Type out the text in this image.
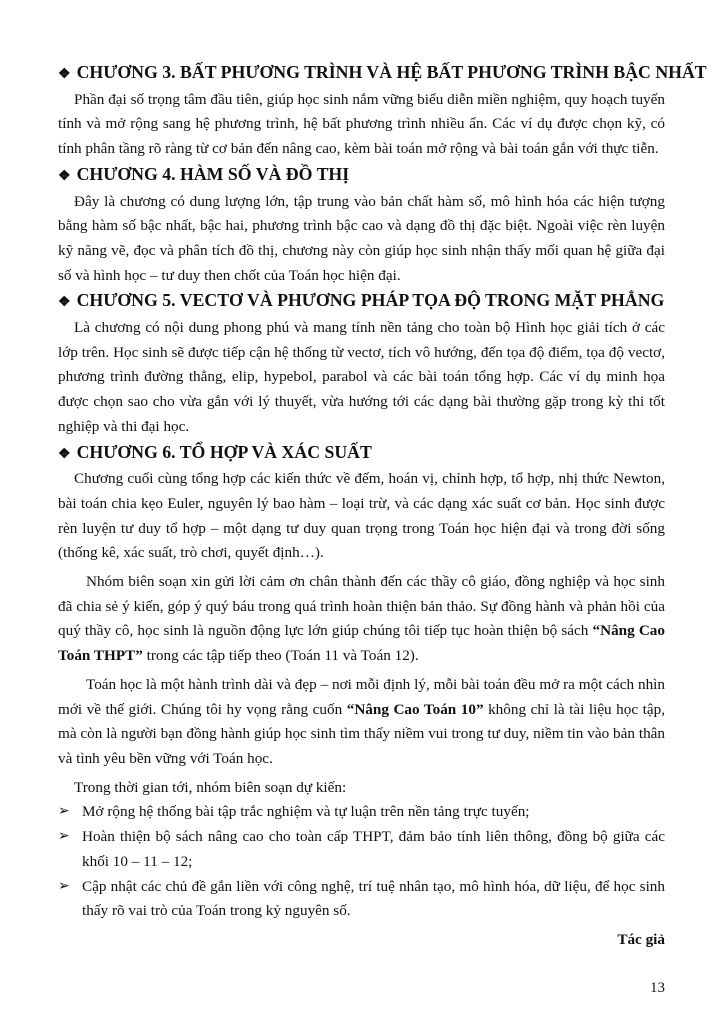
❖ CHƯƠNG 3. BẤT PHƯƠNG TRÌNH VÀ HỆ BẤT PHƯƠNG TRÌNH BẬC NHẤT

Phần đại số trọng tâm đầu tiên, giúp học sinh nắm vững biểu diễn miền nghiệm, quy hoạch tuyến tính và mở rộng sang hệ phương trình, hệ bất phương trình nhiều ẩn. Các ví dụ được chọn kỹ, có tính phân tầng rõ ràng từ cơ bản đến nâng cao, kèm bài toán mở rộng và bài toán gắn với thực tiễn.

❖ CHƯƠNG 4. HÀM SỐ VÀ ĐỒ THỊ

Đây là chương có dung lượng lớn, tập trung vào bản chất hàm số, mô hình hóa các hiện tượng bằng hàm số bậc nhất, bậc hai, phương trình bậc cao và dạng đồ thị đặc biệt. Ngoài việc rèn luyện kỹ năng vẽ, đọc và phân tích đồ thị, chương này còn giúp học sinh nhận thấy mối quan hệ giữa đại số và hình học – tư duy then chốt của Toán học hiện đại.

❖ CHƯƠNG 5. VECTƠ VÀ PHƯƠNG PHÁP TỌA ĐỘ TRONG MẶT PHẲNG

Là chương có nội dung phong phú và mang tính nền tảng cho toàn bộ Hình học giải tích ở các lớp trên. Học sinh sẽ được tiếp cận hệ thống từ vectơ, tích vô hướng, đến tọa độ điểm, tọa độ vectơ, phương trình đường thẳng, elip, hypebol, parabol và các bài toán tổng hợp. Các ví dụ minh họa được chọn sao cho vừa gắn với lý thuyết, vừa hướng tới các dạng bài thường gặp trong kỳ thi tốt nghiệp và thi đại học.

❖ CHƯƠNG 6. TỔ HỢP VÀ XÁC SUẤT

Chương cuối cùng tổng hợp các kiến thức về đếm, hoán vị, chỉnh hợp, tổ hợp, nhị thức Newton, bài toán chia kẹo Euler, nguyên lý bao hàm – loại trừ, và các dạng xác suất cơ bản. Học sinh được rèn luyện tư duy tổ hợp – một dạng tư duy quan trọng trong Toán học hiện đại và trong đời sống (thống kê, xác suất, trò chơi, quyết định…).

Nhóm biên soạn xin gửi lời cảm ơn chân thành đến các thầy cô giáo, đồng nghiệp và học sinh đã chia sẻ ý kiến, góp ý quý báu trong quá trình hoàn thiện bản thảo. Sự đồng hành và phản hồi của quý thầy cô, học sinh là nguồn động lực lớn giúp chúng tôi tiếp tục hoàn thiện bộ sách “Nâng Cao Toán THPT” trong các tập tiếp theo (Toán 11 và Toán 12).

Toán học là một hành trình dài và đẹp – nơi mỗi định lý, mỗi bài toán đều mở ra một cách nhìn mới về thế giới. Chúng tôi hy vọng rằng cuốn “Nâng Cao Toán 10” không chỉ là tài liệu học tập, mà còn là người bạn đồng hành giúp học sinh tìm thấy niềm vui trong tư duy, niềm tin vào bản thân và tình yêu bền vững với Toán học.

Trong thời gian tới, nhóm biên soạn dự kiến:

➢ Mở rộng hệ thống bài tập trắc nghiệm và tự luận trên nền tảng trực tuyến;
➢ Hoàn thiện bộ sách nâng cao cho toàn cấp THPT, đảm bảo tính liên thông, đồng bộ giữa các khối 10 – 11 – 12;
➢ Cập nhật các chủ đề gắn liền với công nghệ, trí tuệ nhân tạo, mô hình hóa, dữ liệu, để học sinh thấy rõ vai trò của Toán trong kỷ nguyên số.
Tác giả
13
